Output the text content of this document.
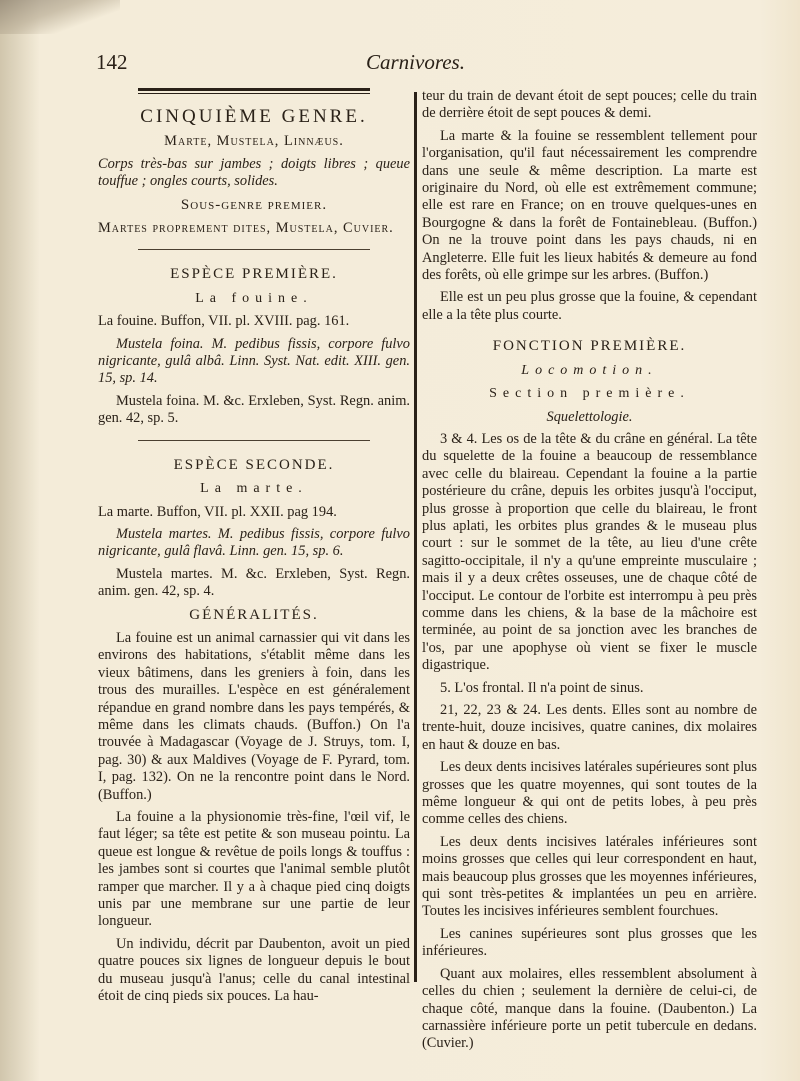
142	Carnivores.

CINQUIÈME GENRE.

Marte, Mustela, Linnæus.

Corps très-bas sur jambes ; doigts libres ; queue touffue ; ongles courts, solides.

Sous-genre premier.

Martes proprement dites, Mustela, Cuvier.

ESPÈCE PREMIÈRE.

La fouine.

La fouine. Buffon, VII. pl. XVIII. pag. 161.

Mustela foina. M. pedibus fissis, corpore fulvo nigricante, gulâ albâ. Linn. Syst. Nat. edit. XIII. gen. 15, sp. 14.

Mustela foina. M. &c. Erxleben, Syst. Regn. anim. gen. 42, sp. 5.

ESPÈCE SECONDE.

La marte.

La marte. Buffon, VII. pl. XXII. pag 194.

Mustela martes. M. pedibus fissis, corpore fulvo nigricante, gulâ flavâ. Linn. gen. 15, sp. 6.

Mustela martes. M. &c. Erxleben, Syst. Regn. anim. gen. 42, sp. 4.

GÉNÉRALITÉS.

La fouine est un animal carnassier qui vit dans les environs des habitations, s'établit même dans les vieux bâtimens, dans les greniers à foin, dans les trous des murailles. L'espèce en est généralement répandue en grand nombre dans les pays tempérés, & même dans les climats chauds. (Buffon.) On l'a trouvée à Madagascar (Voyage de J. Struys, tom. I, pag. 30) & aux Maldives (Voyage de F. Pyrard, tom. I, pag. 132). On ne la rencontre point dans le Nord. (Buffon.)

La fouine a la physionomie très-fine, l'œil vif, le faut léger; sa tête est petite & son museau pointu. La queue est longue & revêtue de poils longs & touffus : les jambes sont si courtes que l'animal semble plutôt ramper que marcher. Il y a à chaque pied cinq doigts unis par une membrane sur une partie de leur longueur.

Un individu, décrit par Daubenton, avoit un pied quatre pouces six lignes de longueur depuis le bout du museau jusqu'à l'anus; celle du canal intestinal étoit de cinq pieds six pouces. La hau-

teur du train de devant étoit de sept pouces; celle du train de derrière étoit de sept pouces & demi.

La marte & la fouine se ressemblent tellement pour l'organisation, qu'il faut nécessairement les comprendre dans une seule & même description. La marte est originaire du Nord, où elle est extrêmement commune; elle est rare en France; on en trouve quelques-unes en Bourgogne & dans la forêt de Fontainebleau. (Buffon.) On ne la trouve point dans les pays chauds, ni en Angleterre. Elle fuit les lieux habités & demeure au fond des forêts, où elle grimpe sur les arbres. (Buffon.)

Elle est un peu plus grosse que la fouine, & cependant elle a la tête plus courte.

FONCTION PREMIÈRE.

Locomotion.

Section première.

Squelettologie.

3 & 4. Les os de la tête & du crâne en général. La tête du squelette de la fouine a beaucoup de ressemblance avec celle du blaireau. Cependant la fouine a la partie postérieure du crâne, depuis les orbites jusqu'à l'occiput, plus grosse à proportion que celle du blaireau, le front plus aplati, les orbites plus grandes & le museau plus court : sur le sommet de la tête, au lieu d'une crête sagitto-occipitale, il n'y a qu'une empreinte musculaire ; mais il y a deux crêtes osseuses, une de chaque côté de l'occiput. Le contour de l'orbite est interrompu à peu près comme dans les chiens, & la base de la mâchoire est terminée, au point de sa jonction avec les branches de l'os, par une apophyse où vient se fixer le muscle digastrique.

5. L'os frontal. Il n'a point de sinus.

21, 22, 23 & 24. Les dents. Elles sont au nombre de trente-huit, douze incisives, quatre canines, dix molaires en haut & douze en bas.

Les deux dents incisives latérales supérieures sont plus grosses que les quatre moyennes, qui sont toutes de la même longueur & qui ont de petits lobes, à peu près comme celles des chiens.

Les deux dents incisives latérales inférieures sont moins grosses que celles qui leur correspondent en haut, mais beaucoup plus grosses que les moyennes inférieures, qui sont très-petites & implantées un peu en arrière. Toutes les incisives inférieures semblent fourchues.

Les canines supérieures sont plus grosses que les inférieures.

Quant aux molaires, elles ressemblent absolument à celles du chien ; seulement la dernière de celui-ci, de chaque côté, manque dans la fouine. (Daubenton.) La carnassière inférieure porte un petit tubercule en dedans. (Cuvier.)
